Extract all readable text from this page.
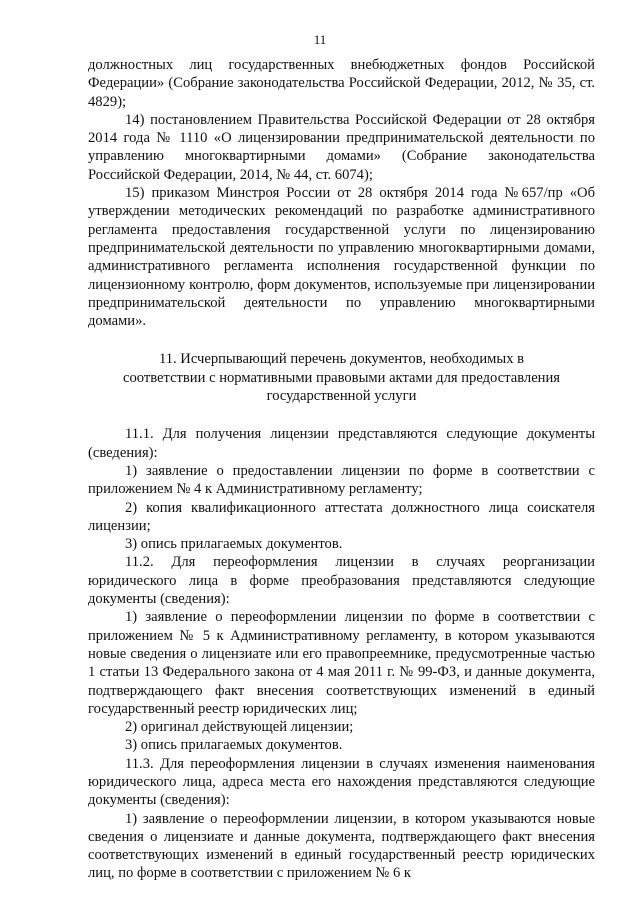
11

должностных лиц государственных внебюджетных фондов Российской Федерации» (Собрание законодательства Российской Федерации, 2012, № 35, ст. 4829);

14) постановлением Правительства Российской Федерации от 28 октября 2014 года № 1110 «О лицензировании предпринимательской деятельности по управлению многоквартирными домами» (Собрание законодательства Российской Федерации, 2014, № 44, ст. 6074);

15) приказом Минстроя России от 28 октября 2014 года №657/пр «Об утверждении методических рекомендаций по разработке административного регламента предоставления государственной услуги по лицензированию предпринимательской деятельности по управлению многоквартирными домами, административного регламента исполнения государственной функции по лицензионному контролю, форм документов, используемые при лицензировании предпринимательской деятельности по управлению многоквартирными домами».

11. Исчерпывающий перечень документов, необходимых в соответствии с нормативными правовыми актами для предоставления государственной услуги

11.1. Для получения лицензии представляются следующие документы (сведения):

1) заявление о предоставлении лицензии по форме в соответствии с приложением № 4 к Административному регламенту;

2) копия квалификационного аттестата должностного лица соискателя лицензии;

3) опись прилагаемых документов.

11.2. Для переоформления лицензии в случаях реорганизации юридического лица в форме преобразования представляются следующие документы (сведения):

1) заявление о переоформлении лицензии по форме в соответствии с приложением № 5 к Административному регламенту, в котором указываются новые сведения о лицензиате или его правопреемнике, предусмотренные частью 1 статьи 13 Федерального закона от 4 мая 2011 г. № 99-ФЗ, и данные документа, подтверждающего факт внесения соответствующих изменений в единый государственный реестр юридических лиц;

2) оригинал действующей лицензии;

3) опись прилагаемых документов.

11.3. Для переоформления лицензии в случаях изменения наименования юридического лица, адреса места его нахождения представляются следующие документы (сведения):

1) заявление о переоформлении лицензии, в котором указываются новые сведения о лицензиате и данные документа, подтверждающего факт внесения соответствующих изменений в единый государственный реестр юридических лиц, по форме в соответствии с приложением № 6 к
